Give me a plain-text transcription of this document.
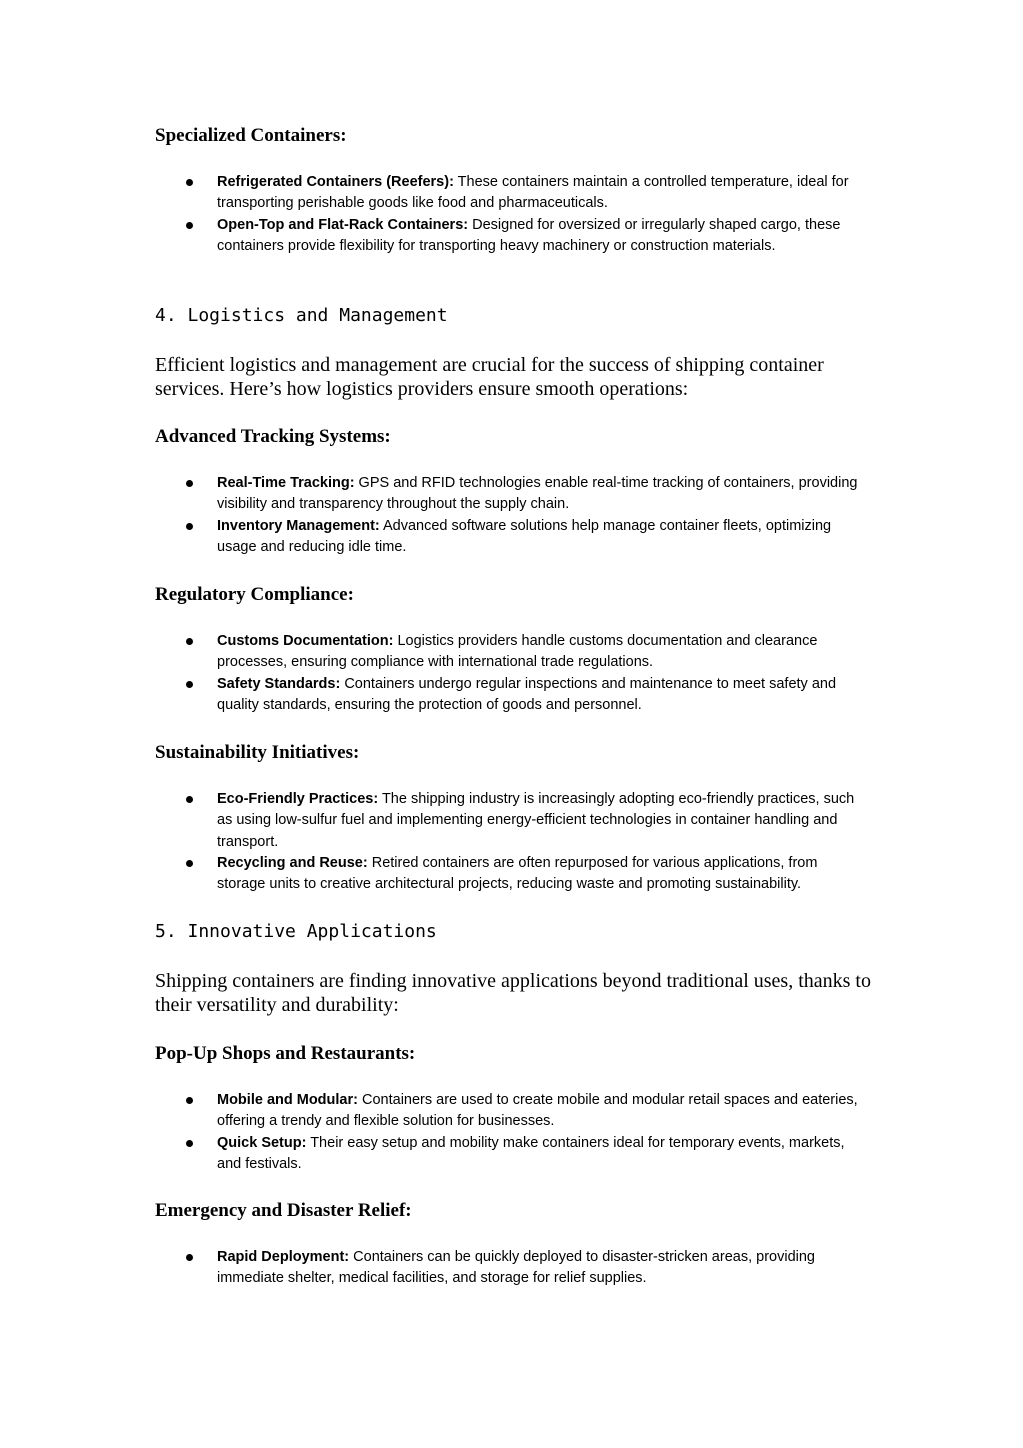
Specialized Containers:
Refrigerated Containers (Reefers): These containers maintain a controlled temperature, ideal for transporting perishable goods like food and pharmaceuticals.
Open-Top and Flat-Rack Containers: Designed for oversized or irregularly shaped cargo, these containers provide flexibility for transporting heavy machinery or construction materials.
4. Logistics and Management

Efficient logistics and management are crucial for the success of shipping container services. Here’s how logistics providers ensure smooth operations:

Advanced Tracking Systems:
Real-Time Tracking: GPS and RFID technologies enable real-time tracking of containers, providing visibility and transparency throughout the supply chain.
Inventory Management: Advanced software solutions help manage container fleets, optimizing usage and reducing idle time.
Regulatory Compliance:
Customs Documentation: Logistics providers handle customs documentation and clearance processes, ensuring compliance with international trade regulations.
Safety Standards: Containers undergo regular inspections and maintenance to meet safety and quality standards, ensuring the protection of goods and personnel.
Sustainability Initiatives:
Eco-Friendly Practices: The shipping industry is increasingly adopting eco-friendly practices, such as using low-sulfur fuel and implementing energy-efficient technologies in container handling and transport.
Recycling and Reuse: Retired containers are often repurposed for various applications, from storage units to creative architectural projects, reducing waste and promoting sustainability.
5. Innovative Applications

Shipping containers are finding innovative applications beyond traditional uses, thanks to their versatility and durability:

Pop-Up Shops and Restaurants:
Mobile and Modular: Containers are used to create mobile and modular retail spaces and eateries, offering a trendy and flexible solution for businesses.
Quick Setup: Their easy setup and mobility make containers ideal for temporary events, markets, and festivals.
Emergency and Disaster Relief:
Rapid Deployment: Containers can be quickly deployed to disaster-stricken areas, providing immediate shelter, medical facilities, and storage for relief supplies.
